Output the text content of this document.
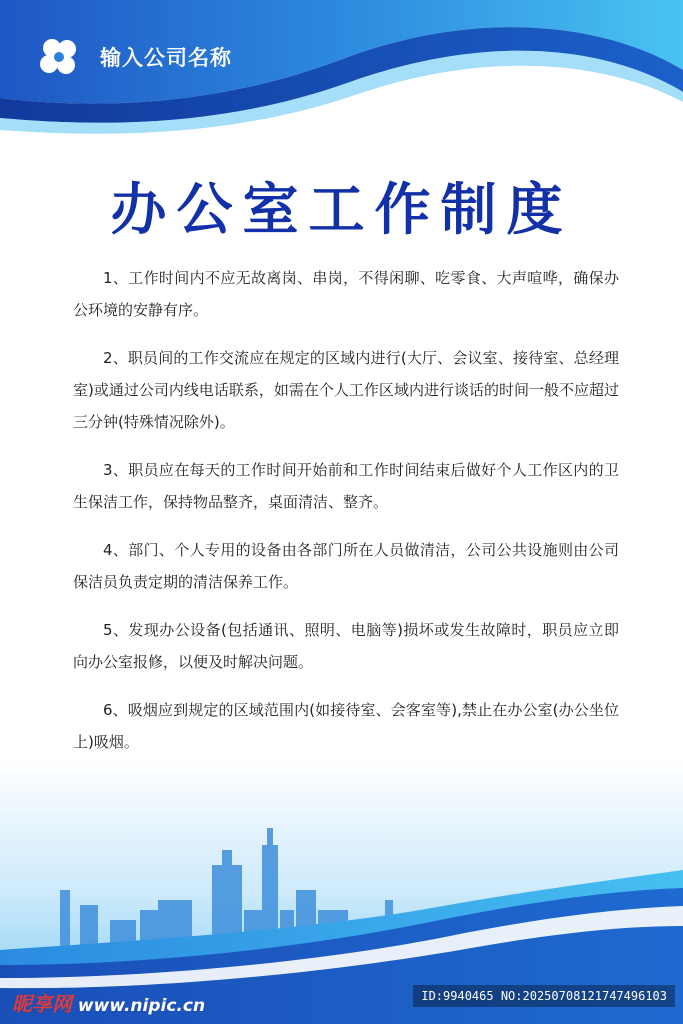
输入公司名称
办公室工作制度

1、工作时间内不应无故离岗、串岗，不得闲聊、吃零食、大声喧哗，确保办公环境的安静有序。

2、职员间的工作交流应在规定的区域内进行(大厅、会议室、接待室、总经理室)或通过公司内线电话联系，如需在个人工作区域内进行谈话的时间一般不应超过三分钟(特殊情况除外)。

3、职员应在每天的工作时间开始前和工作时间结束后做好个人工作区内的卫生保洁工作，保持物品整齐，桌面清洁、整齐。

4、部门、个人专用的设备由各部门所在人员做清洁，公司公共设施则由公司保洁员负责定期的清洁保养工作。

5、发现办公设备(包括通讯、照明、电脑等)损坏或发生故障时，职员应立即向办公室报修，以便及时解决问题。

6、吸烟应到规定的区域范围内(如接待室、会客室等),禁止在办公室(办公坐位上)吸烟。

昵享网 www.nipic.cn	ID:9940465 NO:20250708121747496103
